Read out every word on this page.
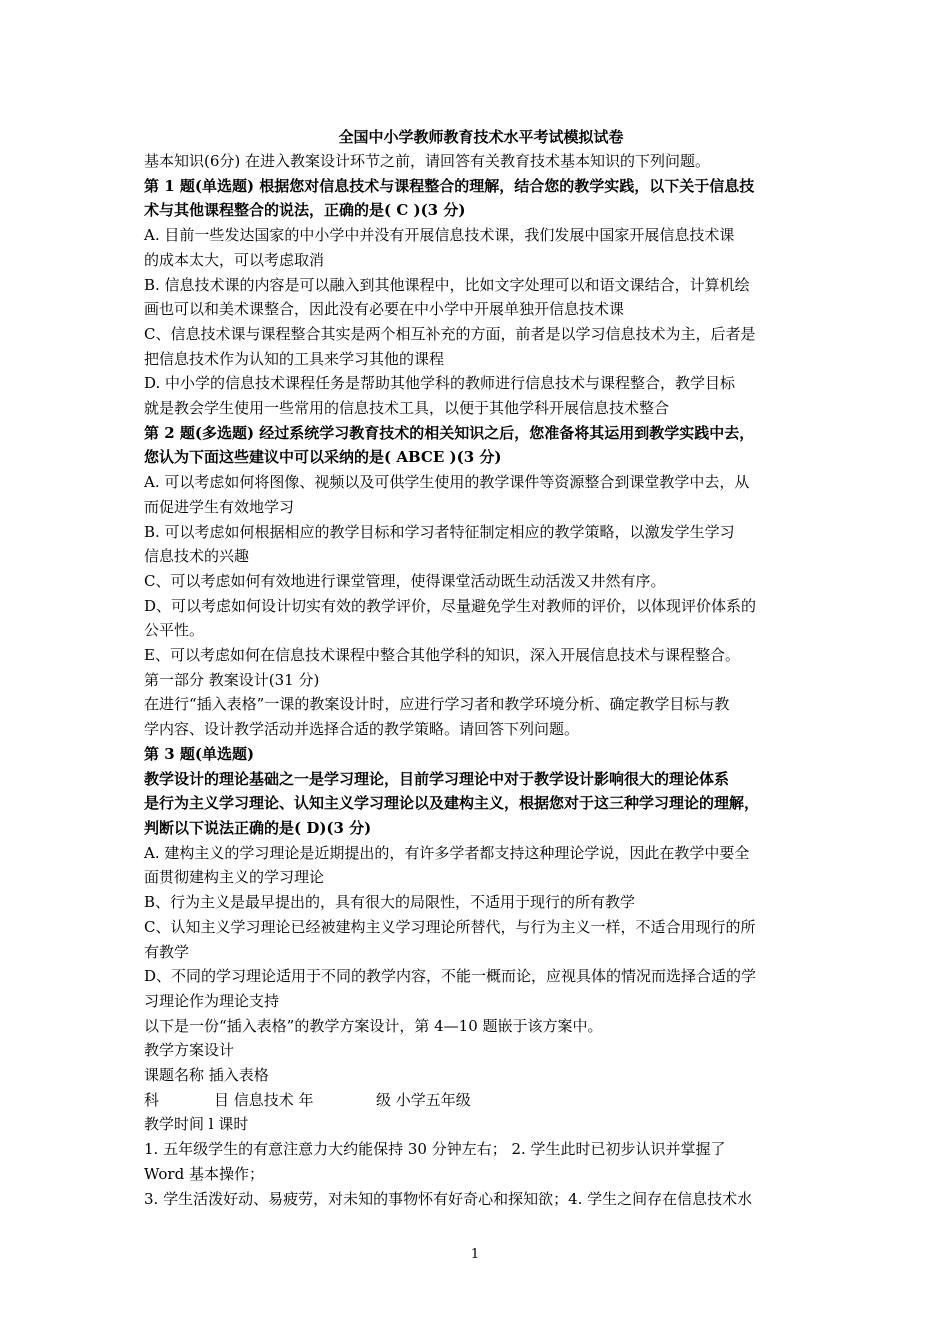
全国中小学教师教育技术水平考试模拟试卷

基本知识(6分) 在进入教案设计环节之前，请回答有关教育技术基本知识的下列问题。

第 1 题(单选题) 根据您对信息技术与课程整合的理解，结合您的教学实践，以下关于信息技

术与其他课程整合的说法，正确的是( C )(3 分)

A. 目前一些发达国家的中小学中并没有开展信息技术课，我们发展中国家开展信息技术课

的成本太大，可以考虑取消

B. 信息技术课的内容是可以融入到其他课程中，比如文字处理可以和语文课结合，计算机绘

画也可以和美术课整合，因此没有必要在中小学中开展单独开信息技术课

C、信息技术课与课程整合其实是两个相互补充的方面，前者是以学习信息技术为主，后者是

把信息技术作为认知的工具来学习其他的课程

D. 中小学的信息技术课程任务是帮助其他学科的教师进行信息技术与课程整合，教学目标

就是教会学生使用一些常用的信息技术工具，以便于其他学科开展信息技术整合

第 2 题(多选题) 经过系统学习教育技术的相关知识之后，您准备将其运用到教学实践中去，

您认为下面这些建议中可以采纳的是( ABCE )(3 分)

A. 可以考虑如何将图像、视频以及可供学生使用的教学课件等资源整合到课堂教学中去，从

而促进学生有效地学习

B. 可以考虑如何根据相应的教学目标和学习者特征制定相应的教学策略，以激发学生学习

信息技术的兴趣

C、可以考虑如何有效地进行课堂管理，使得课堂活动既生动活泼又井然有序。

D、可以考虑如何设计切实有效的教学评价，尽量避免学生对教师的评价，以体现评价体系的

公平性。

E、可以考虑如何在信息技术课程中整合其他学科的知识，深入开展信息技术与课程整合。

第一部分 教案设计(31 分)

在进行“插入表格”一课的教案设计时，应进行学习者和教学环境分析、确定教学目标与教

学内容、设计教学活动并选择合适的教学策略。请回答下列问题。

第 3 题(单选题)

教学设计的理论基础之一是学习理论，目前学习理论中对于教学设计影响很大的理论体系

是行为主义学习理论、认知主义学习理论以及建构主义，根据您对于这三种学习理论的理解，

判断以下说法正确的是( D)(3 分)

A. 建构主义的学习理论是近期提出的，有许多学者都支持这种理论学说，因此在教学中要全

面贯彻建构主义的学习理论

B、行为主义是最早提出的，具有很大的局限性，不适用于现行的所有教学

C、认知主义学习理论已经被建构主义学习理论所替代，与行为主义一样，不适合用现行的所

有教学

D、不同的学习理论适用于不同的教学内容，不能一概而论，应视具体的情况而选择合适的学

习理论作为理论支持

以下是一份“插入表格”的教学方案设计，第 4—10 题嵌于该方案中。

教学方案设计

课题名称 插入表格

科	目 信息技术 年	级 小学五年级

教学时间 l 课时

1. 五年级学生的有意注意力大约能保持 30 分钟左右； 2. 学生此时已初步认识并掌握了

Word 基本操作；

3. 学生活泼好动、易疲劳，对未知的事物怀有好奇心和探知欲；4. 学生之间存在信息技术水

1
